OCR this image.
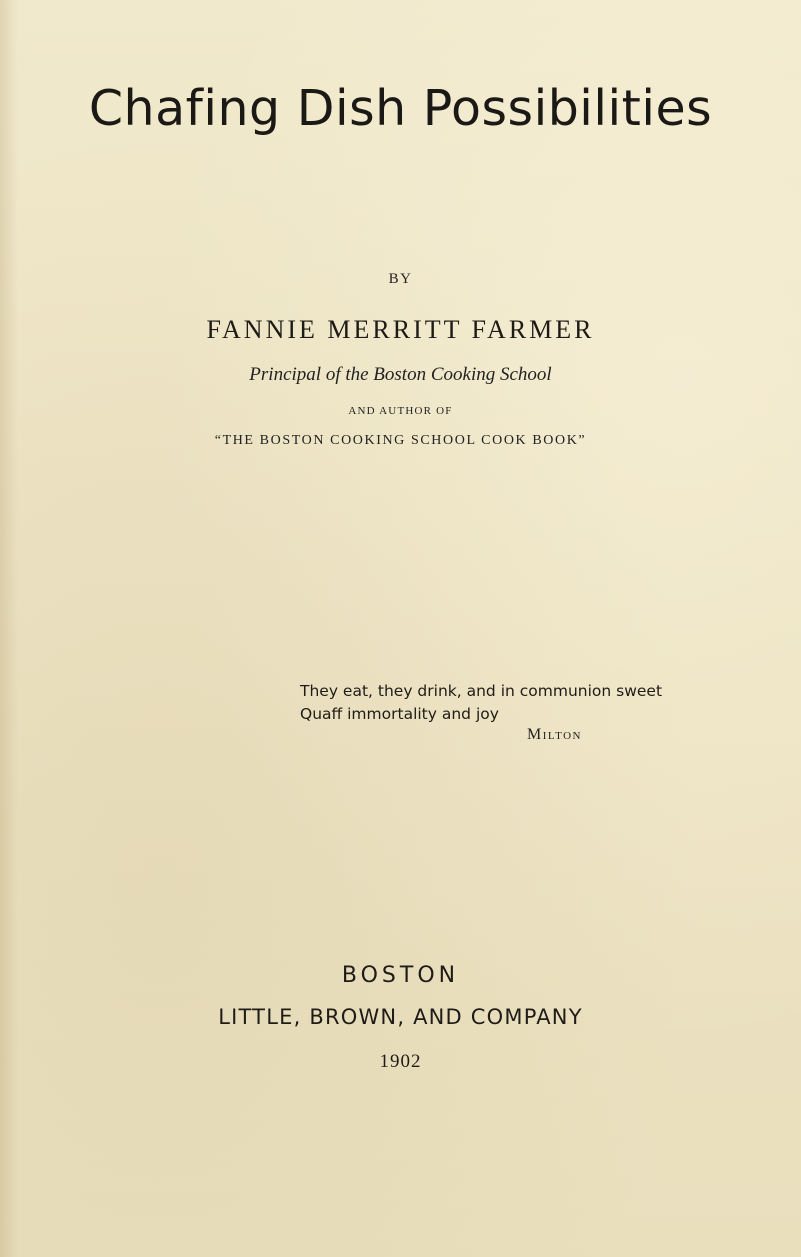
Chafing Dish Possibilities
BY
FANNIE MERRITT FARMER
Principal of the Boston Cooking School
AND AUTHOR OF
“THE BOSTON COOKING SCHOOL COOK BOOK”
They eat, they drink, and in communion sweet
Quaff immortality and joy
Milton
BOSTON
LITTLE, BROWN, AND COMPANY
1902
